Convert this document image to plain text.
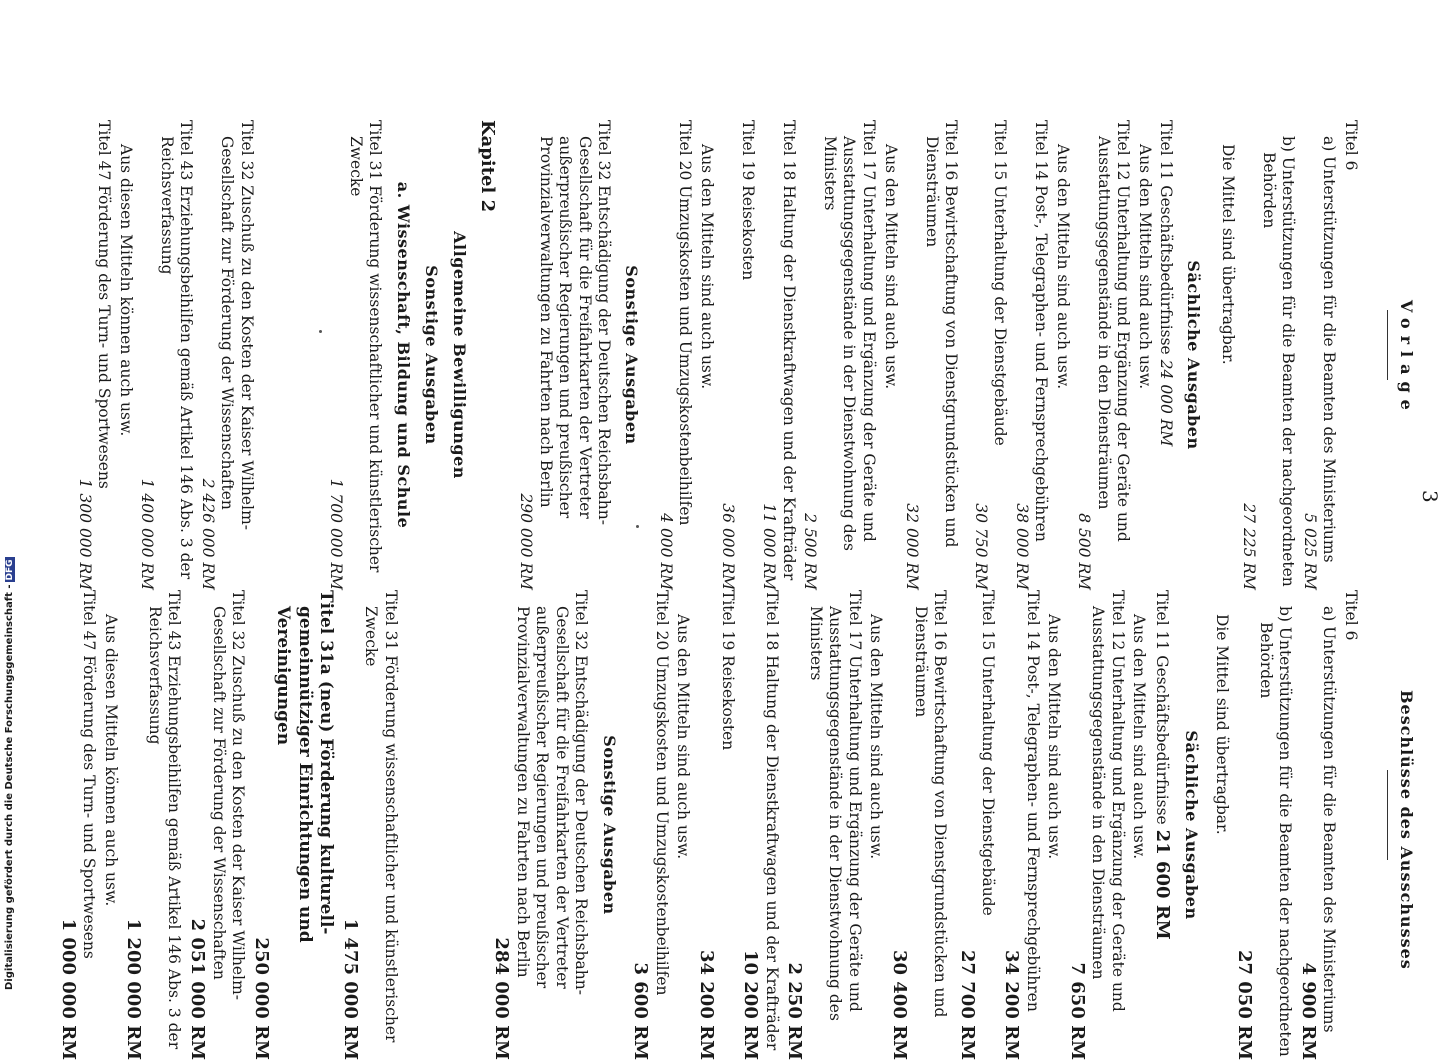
3
Vorlage
Titel 6
a) Unterstützungen für die Beamten des Ministeriums
5 025 RM
b) Unterstützungen für die Beamten der nachgeordneten Behörden
27 225 RM
Die Mittel sind übertragbar.
Sächliche Ausgaben
Titel 11 Geschäftsbedürfnisse 24 000 RM
Aus den Mitteln sind auch usw.
Titel 12 Unterhaltung und Ergänzung der Geräte und Ausstattungsgegenstände in den Diensträumen
8 500 RM
Aus den Mitteln sind auch usw.
Titel 14 Post-, Telegraphen- und Fernsprechgebühren
38 000 RM
Titel 15 Unterhaltung der Dienstgebäude
30 750 RM
Titel 16 Bewirtschaftung von Dienstgrundstücken und Diensträumen
32 000 RM
Aus den Mitteln sind auch usw.
Titel 17 Unterhaltung und Ergänzung der Geräte und Ausstattungsgegenstände in der Dienstwohnung des Ministers
2 500 RM
Titel 18 Haltung der Dienstkraftwagen und der Krafträder
11 000 RM
Titel 19 Reisekosten
36 000 RM
Aus den Mitteln sind auch usw.
Titel 20 Umzugskosten und Umzugskostenbeihilfen
4 000 RM
Sonstige Ausgaben
Titel 32 Entschädigung der Deutschen Reichsbahn-Gesellschaft für die Freifahrkarten der Vertreter außerpreußischer Regierungen und preußischer Provinzialverwaltungen zu Fahrten nach Berlin
290 000 RM
Kapitel 2
Allgemeine Bewilligungen
Sonstige Ausgaben
a. Wissenschaft, Bildung und Schule
Titel 31 Förderung wissenschaftlicher und künstlerischer Zwecke
1 700 000 RM
Titel 32 Zuschuß zu den Kosten der Kaiser Wilhelm-Gesellschaft zur Förderung der Wissenschaften
2 426 000 RM
Titel 43 Erziehungsbeihilfen gemäß Artikel 146 Abs. 3 der Reichsverfassung
1 400 000 RM
Aus diesen Mitteln können auch usw.
Titel 47 Förderung des Turn- und Sportwesens
1 300 000 RM
Beschlüsse des Ausschusses
Titel 6
a) Unterstützungen für die Beamten des Ministeriums
4 900 RM
b) Unterstützungen für die Beamten der nachgeordneten Behörden
27 050 RM
Die Mittel sind übertragbar.
Sächliche Ausgaben
Titel 11 Geschäftsbedürfnisse 21 600 RM
Aus den Mitteln sind auch usw.
Titel 12 Unterhaltung und Ergänzung der Geräte und Ausstattungsgegenstände in den Diensträumen
7 650 RM
Aus den Mitteln sind auch usw.
Titel 14 Post-, Telegraphen- und Fernsprechgebühren
34 200 RM
Titel 15 Unterhaltung der Dienstgebäude
27 700 RM
Titel 16 Bewirtschaftung von Dienstgrundstücken und Diensträumen
30 400 RM
Aus den Mitteln sind auch usw.
Titel 17 Unterhaltung und Ergänzung der Geräte und Ausstattungsgegenstände in der Dienstwohnung des Ministers
2 250 RM
Titel 18 Haltung der Dienstkraftwagen und der Krafträder
10 200 RM
Titel 19 Reisekosten
34 200 RM
Aus den Mitteln sind auch usw.
Titel 20 Umzugskosten und Umzugskostenbeihilfen
3 600 RM
Sonstige Ausgaben
Titel 32 Entschädigung der Deutschen Reichsbahn-Gesellschaft für die Freifahrkarten der Vertreter außerpreußischer Regierungen und preußischer Provinzialverwaltungen zu Fahrten nach Berlin
284 000 RM
Titel 31 Förderung wissenschaftlicher und künstlerischer Zwecke
1 475 000 RM
Titel 31a (neu) Förderung kulturell-gemeinnütziger Einrichtungen und Vereinigungen
250 000 RM
Titel 32 Zuschuß zu den Kosten der Kaiser Wilhelm-Gesellschaft zur Förderung der Wissenschaften
2 051 000 RM
Titel 43 Erziehungsbeihilfen gemäß Artikel 146 Abs. 3 der Reichsverfassung
1 200 000 RM
Aus diesen Mitteln können auch usw.
Titel 47 Förderung des Turn- und Sportwesens
1 000 000 RM
Digitalisierung gefördert durch die Deutsche Forschungsgemeinschaft -DFG
